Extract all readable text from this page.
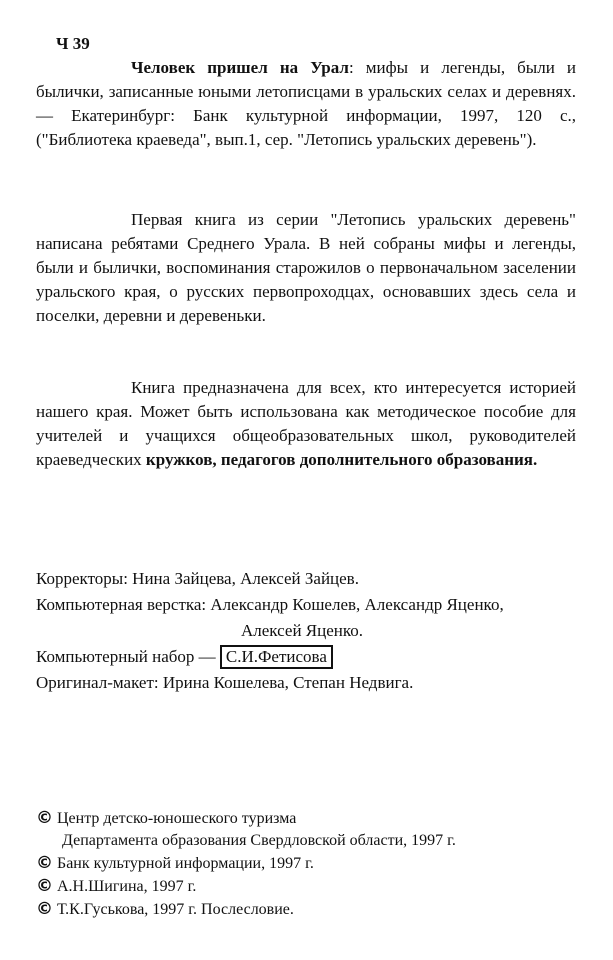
Ч 39

Человек пришел на Урал: мифы и легенды, были и былички, записанные юными летописцами в уральских селах и деревнях. — Екатеринбург: Банк культурной информации, 1997, 120 с., ("Библиотека краеведа", вып.1, сер. "Летопись уральских деревень").

Первая книга из серии "Летопись уральских деревень" написана ребятами Среднего Урала. В ней собраны мифы и легенды, были и былички, воспоминания старожилов о первоначальном заселении уральского края, о русских первопроходцах, основавших здесь села и поселки, деревни и деревеньки.

Книга предназначена для всех, кто интересуется историей нашего края. Может быть использована как методическое пособие для учителей и учащихся общеобразовательных школ, руководителей краеведческих кружков, педагогов дополнительного образования.

Корректоры: Нина Зайцева, Алексей Зайцев.
Компьютерная верстка: Александр Кошелев, Александр Яценко,
Алексей Яценко.
Компьютерный набор — С.И.Фетисова
Оригинал-макет: Ирина Кошелева, Степан Недвига.
© Центр детско-юношеского туризма
Департамента образования Свердловской области, 1997 г.
© Банк культурной информации, 1997 г.
© А.Н.Шигина, 1997 г.
© Т.К.Гуськова, 1997 г. Послесловие.
